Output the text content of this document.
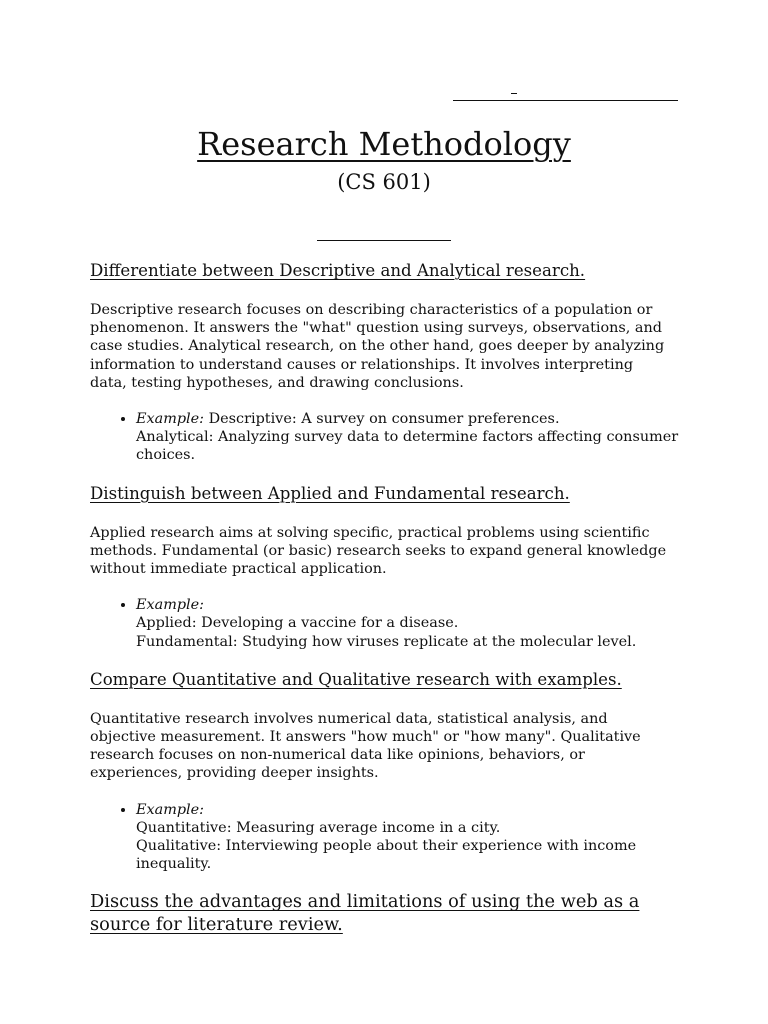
Research Methodology
(CS 601)
Differentiate between Descriptive and Analytical research.

Descriptive research focuses on describing characteristics of a population or
phenomenon. It answers the "what" question using surveys, observations, and
case studies. Analytical research, on the other hand, goes deeper by analyzing
information to understand causes or relationships. It involves interpreting
data, testing hypotheses, and drawing conclusions.

• Example: Descriptive: A survey on consumer preferences.
Analytical: Analyzing survey data to determine factors affecting consumer
choices.
Distinguish between Applied and Fundamental research.

Applied research aims at solving specific, practical problems using scientific
methods. Fundamental (or basic) research seeks to expand general knowledge
without immediate practical application.

• Example:
Applied: Developing a vaccine for a disease.
Fundamental: Studying how viruses replicate at the molecular level.
Compare Quantitative and Qualitative research with examples.

Quantitative research involves numerical data, statistical analysis, and
objective measurement. It answers "how much" or "how many". Qualitative
research focuses on non-numerical data like opinions, behaviors, or
experiences, providing deeper insights.

• Example:
Quantitative: Measuring average income in a city.
Qualitative: Interviewing people about their experience with income
inequality.
Discuss the advantages and limitations of using the web as a
source for literature review.
